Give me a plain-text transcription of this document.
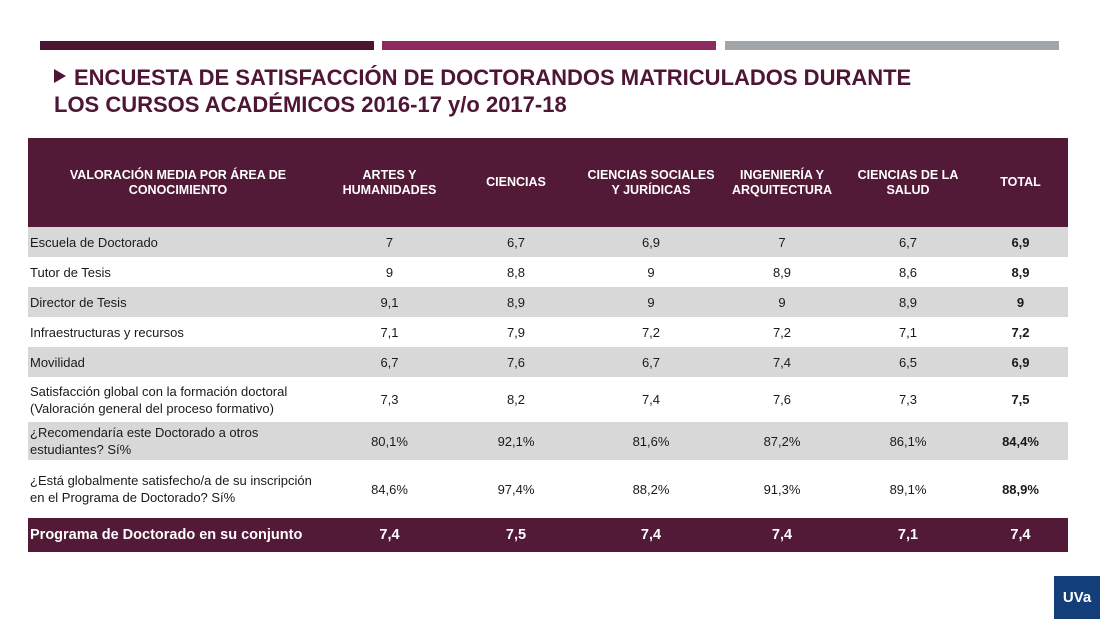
ENCUESTA DE SATISFACCIÓN DE DOCTORANDOS MATRICULADOS DURANTE
LOS CURSOS ACADÉMICOS 2016-17 y/o 2017-18
VALORACIÓN MEDIA POR ÁREA DE CONOCIMIENTO	ARTES Y HUMANIDADES	CIENCIAS	CIENCIAS SOCIALES Y JURÍDICAS	INGENIERÍA Y ARQUITECTURA	CIENCIAS DE LA SALUD	TOTAL
Escuela de Doctorado	7	6,7	6,9	7	6,7	6,9
Tutor de Tesis	9	8,8	9	8,9	8,6	8,9
Director de Tesis	9,1	8,9	9	9	8,9	9
Infraestructuras y recursos	7,1	7,9	7,2	7,2	7,1	7,2
Movilidad	6,7	7,6	6,7	7,4	6,5	6,9
Satisfacción global con la formación doctoral (Valoración general del proceso formativo)	7,3	8,2	7,4	7,6	7,3	7,5
¿Recomendaría este Doctorado a otros estudiantes? Sí%	80,1%	92,1%	81,6%	87,2%	86,1%	84,4%
¿Está globalmente satisfecho/a de su inscripción en el Programa de Doctorado? Sí%	84,6%	97,4%	88,2%	91,3%	89,1%	88,9%
Programa de Doctorado en su conjunto	7,4	7,5	7,4	7,4	7,1	7,4
UVa
